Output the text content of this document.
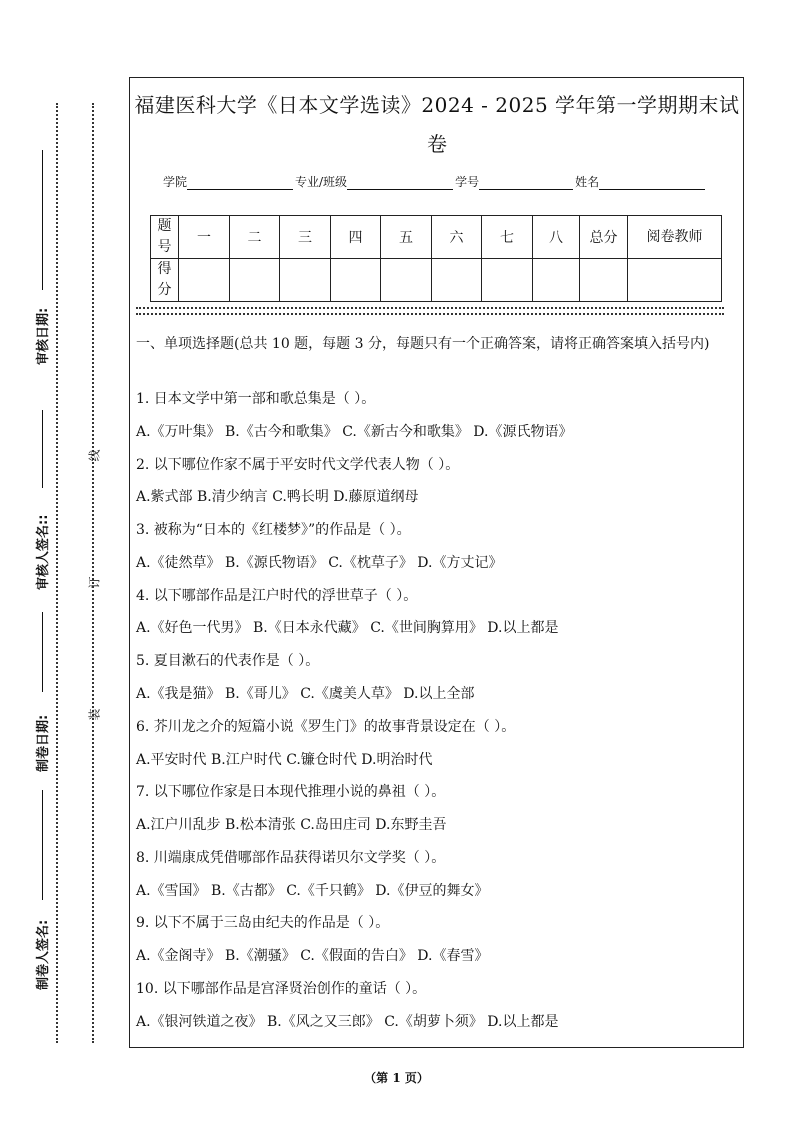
审核日期:
审核人签名::
制卷日期:
制卷人签名:
线
订
装
福建医科大学《日本文学选读》2024 - 2025 学年第一学期期末试
卷
学院	专业/班级	学号	姓名
题号	一	二	三	四	五	六	七	八	总分	阅卷教师
得分										
一、单项选择题(总共 10 题，每题 3 分，每题只有一个正确答案，请将正确答案填入括号内)
1. 日本文学中第一部和歌总集是（ ）。
A.《万叶集》 B.《古今和歌集》 C.《新古今和歌集》 D.《源氏物语》
2. 以下哪位作家不属于平安时代文学代表人物（ ）。
A.紫式部 B.清少纳言 C.鸭长明 D.藤原道纲母
3. 被称为“日本的《红楼梦》”的作品是（ ）。
A.《徒然草》 B.《源氏物语》 C.《枕草子》 D.《方丈记》
4. 以下哪部作品是江户时代的浮世草子（ ）。
A.《好色一代男》 B.《日本永代藏》 C.《世间胸算用》 D.以上都是
5. 夏目漱石的代表作是（ ）。
A.《我是猫》 B.《哥儿》 C.《虞美人草》 D.以上全部
6. 芥川龙之介的短篇小说《罗生门》的故事背景设定在（ ）。
A.平安时代 B.江户时代 C.镰仓时代 D.明治时代
7. 以下哪位作家是日本现代推理小说的鼻祖（ ）。
A.江户川乱步 B.松本清张 C.岛田庄司 D.东野圭吾
8. 川端康成凭借哪部作品获得诺贝尔文学奖（ ）。
A.《雪国》 B.《古都》 C.《千只鹤》 D.《伊豆的舞女》
9. 以下不属于三岛由纪夫的作品是（ ）。
A.《金阁寺》 B.《潮骚》 C.《假面的告白》 D.《春雪》
10. 以下哪部作品是宫泽贤治创作的童话（ ）。
A.《银河铁道之夜》 B.《风之又三郎》 C.《胡萝卜须》 D.以上都是
（第 1 页）
